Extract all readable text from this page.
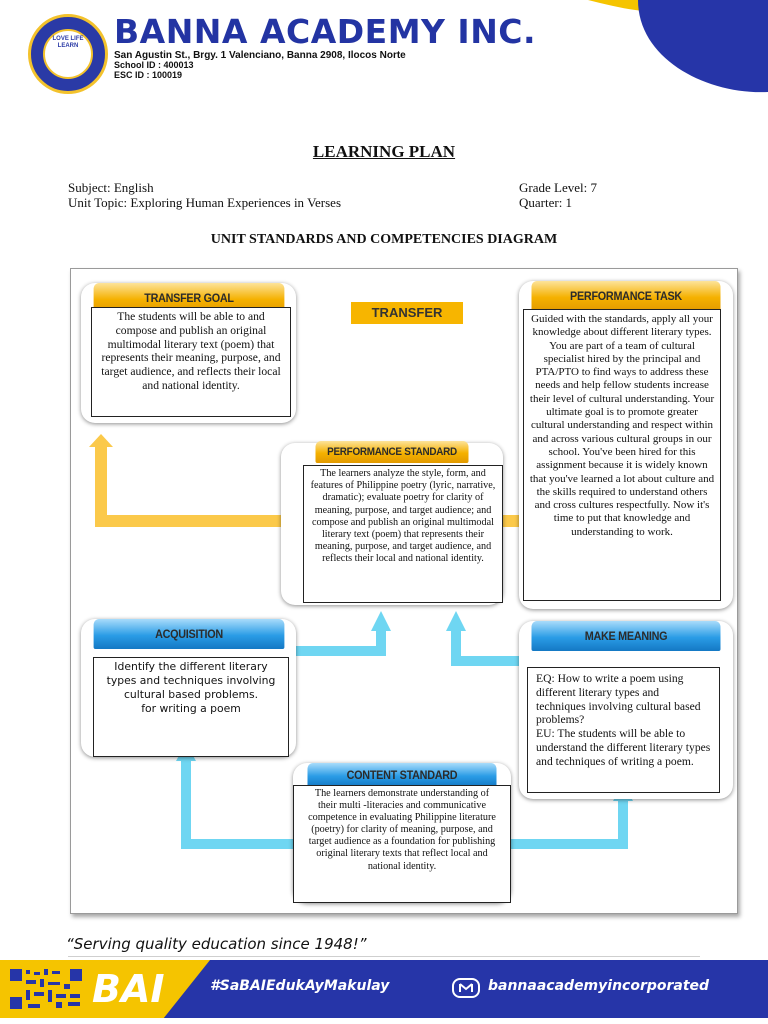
LOVE LIFE LEARN	BANNA ACADEMY INC.
San Agustin St., Brgy. 1 Valenciano, Banna 2908, Ilocos Norte
School ID : 400013
ESC ID : 100019
LEARNING PLAN
Subject: English
Unit Topic: Exploring Human Experiences in Verses
Grade Level: 7
Quarter: 1
UNIT STANDARDS AND COMPETENCIES DIAGRAM
TRANSFER
TRANSFER GOAL
The students will be able to and compose and publish an original multimodal literary text (poem) that represents their meaning, purpose, and target audience, and reflects their local and national identity.
PERFORMANCE TASK
Guided with the standards, apply all your knowledge about different literary types. You are part of a team of cultural specialist hired by the principal and PTA/PTO to find ways to address these needs and help fellow students increase their level of cultural understanding. Your ultimate goal is to promote greater cultural understanding and respect within and across various cultural groups in our school. You've been hired for this assignment because it is widely known that you've learned a lot about culture and the skills required to understand others and cross cultures respectfully. Now it's time to put that knowledge and understanding to work.
PERFORMANCE STANDARD
The learners analyze the style, form, and features of Philippine poetry (lyric, narrative, dramatic); evaluate poetry for clarity of meaning, purpose, and target audience; and compose and publish an original multimodal literary text (poem) that represents their meaning, purpose, and target audience, and reflects their local and national identity.
ACQUISITION
Identify the different literary types and techniques involving cultural based problems.
for writing a poem
MAKE MEANING
EQ: How to write a poem using different literary types and techniques involving cultural based problems?
EU: The students will be able to understand the different literary types and techniques of writing a poem.
CONTENT STANDARD
The learners demonstrate understanding of
their multi -literacies and communicative competence in evaluating Philippine literature (poetry) for clarity of meaning, purpose, and target audience as a foundation for publishing original literary texts that reflect local and national identity.
“Serving quality education since 1948!”
BAI	#SaBAIEdukAyMakulay	bannaacademyincorporated
